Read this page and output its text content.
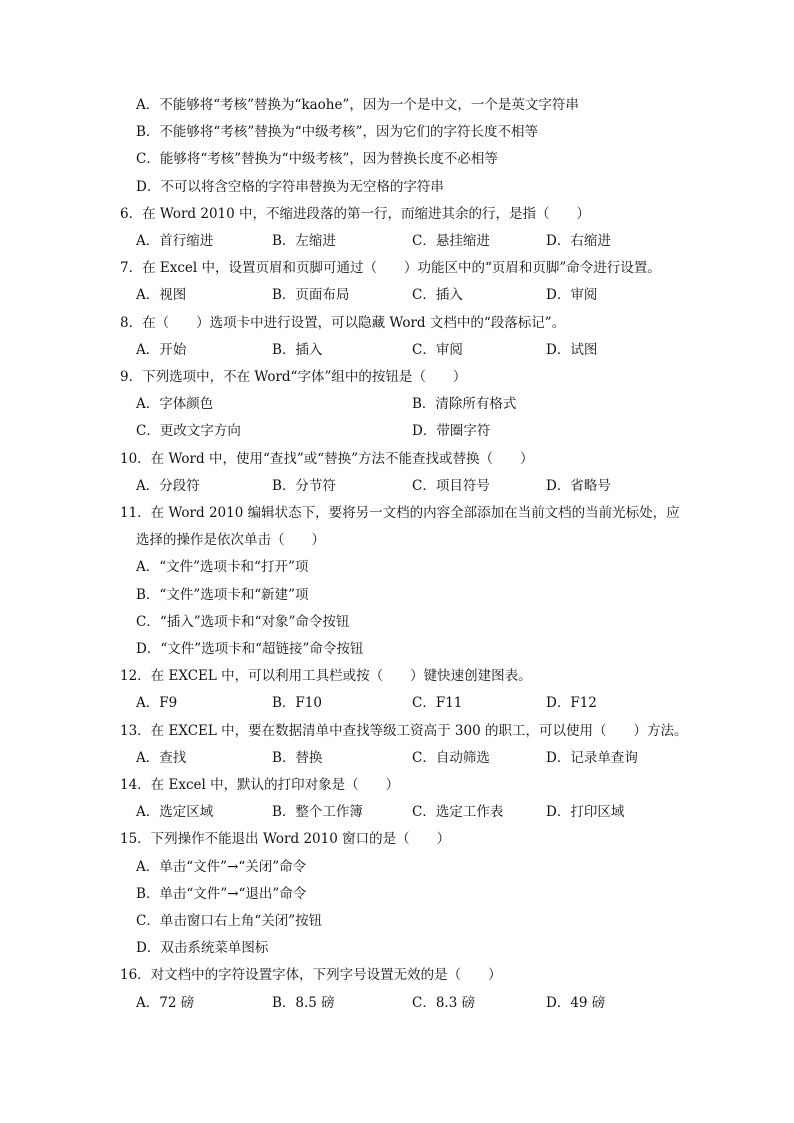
A．不能够将“考核”替换为“kaohe”，因为一个是中文，一个是英文字符串
B．不能够将“考核”替换为“中级考核”，因为它们的字符长度不相等
C．能够将“考核”替换为“中级考核”，因为替换长度不必相等
D．不可以将含空格的字符串替换为无空格的字符串
6．在 Word 2010 中，不缩进段落的第一行，而缩进其余的行，是指（　　）
A．首行缩进	B．左缩进	C．悬挂缩进	D．右缩进
7．在 Excel 中，设置页眉和页脚可通过（　　）功能区中的“页眉和页脚”命令进行设置。
A．视图	B．页面布局	C．插入	D．审阅
8．在（　　）选项卡中进行设置，可以隐藏 Word 文档中的“段落标记”。
A．开始	B．插入	C．审阅	D．试图
9．下列选项中，不在 Word“字体”组中的按钮是（　　）
A．字体颜色	B．清除所有格式
C．更改文字方向	D．带圈字符
10．在 Word 中，使用“查找”或“替换”方法不能查找或替换（　　）
A．分段符	B．分节符	C．项目符号	D．省略号
11．在 Word 2010 编辑状态下，要将另一文档的内容全部添加在当前文档的当前光标处，应
选择的操作是依次单击（　　）
A．“文件”选项卡和“打开”项
B．“文件”选项卡和“新建”项
C．“插入”选项卡和“对象”命令按钮
D．“文件”选项卡和“超链接”命令按钮
12．在 EXCEL 中，可以利用工具栏或按（　　）键快速创建图表。
A．F9	B．F10	C．F11	D．F12
13．在 EXCEL 中，要在数据清单中查找等级工资高于 300 的职工，可以使用（　　）方法。
A．查找	B．替换	C．自动筛选	D．记录单查询
14．在 Excel 中，默认的打印对象是（　　）
A．选定区域	B．整个工作簿	C．选定工作表	D．打印区域
15．下列操作不能退出 Word 2010 窗口的是（　　）
A．单击“文件”→“关闭”命令
B．单击“文件”→“退出”命令
C．单击窗口右上角“关闭”按钮
D．双击系统菜单图标
16．对文档中的字符设置字体，下列字号设置无效的是（　　）
A．72 磅	B．8.5 磅	C．8.3 磅	D．49 磅
